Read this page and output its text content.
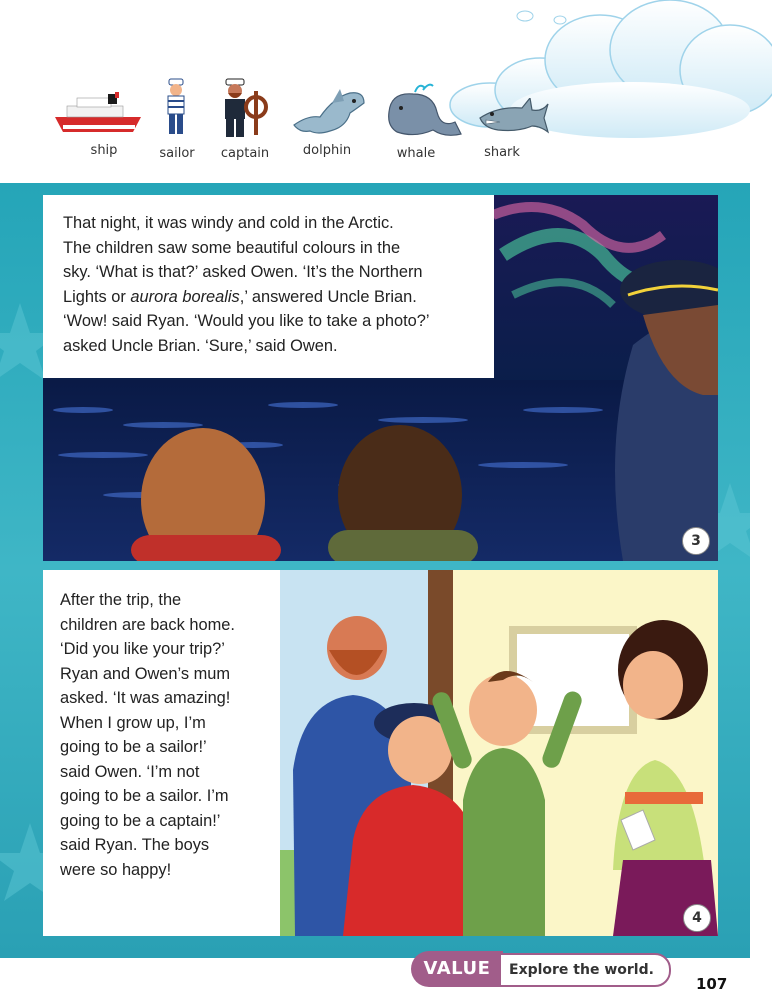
ship	sailor	captain	dolphin	whale	shark
That night, it was windy and cold in the Arctic.
The children saw some beautiful colours in the
sky. ‘What is that?’ asked Owen. ‘It’s the Northern
Lights or aurora borealis,’ answered Uncle Brian.
‘Wow! said Ryan. ‘Would you like to take a photo?’
asked Uncle Brian. ‘Sure,’ said Owen.
3
After the trip, the
children are back home.
‘Did you like your trip?’
Ryan and Owen’s mum
asked. ‘It was amazing!
When I grow up, I’m
going to be a sailor!’
said Owen. ‘I’m not
going to be a sailor. I’m
going to be a captain!’
said Ryan. The boys
were so happy!
4
VALUE	Explore the world.
107
